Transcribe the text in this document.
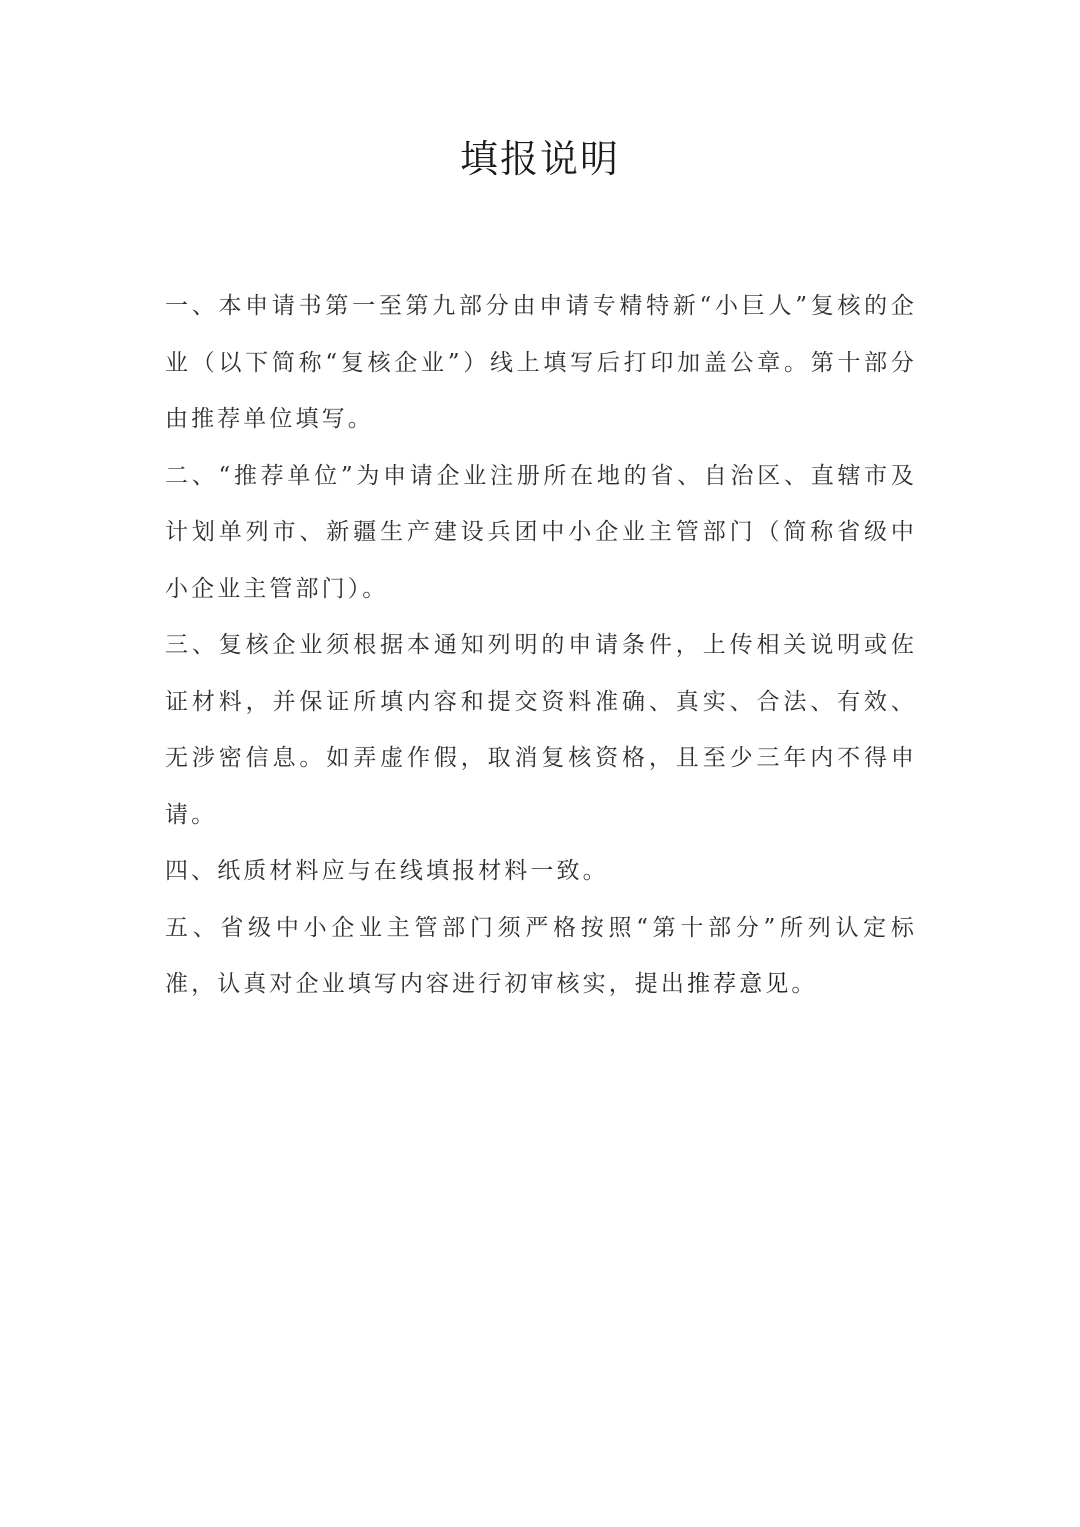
填报说明

一、本申请书第一至第九部分由申请专精特新“小巨人”复核的企业（以下简称“复核企业”）线上填写后打印加盖公章。第十部分由推荐单位填写。

二、“推荐单位”为申请企业注册所在地的省、自治区、直辖市及计划单列市、新疆生产建设兵团中小企业主管部门（简称省级中小企业主管部门）。

三、复核企业须根据本通知列明的申请条件，上传相关说明或佐证材料，并保证所填内容和提交资料准确、真实、合法、有效、无涉密信息。如弄虚作假，取消复核资格，且至少三年内不得申请。

四、纸质材料应与在线填报材料一致。

五、省级中小企业主管部门须严格按照“第十部分”所列认定标准，认真对企业填写内容进行初审核实，提出推荐意见。
